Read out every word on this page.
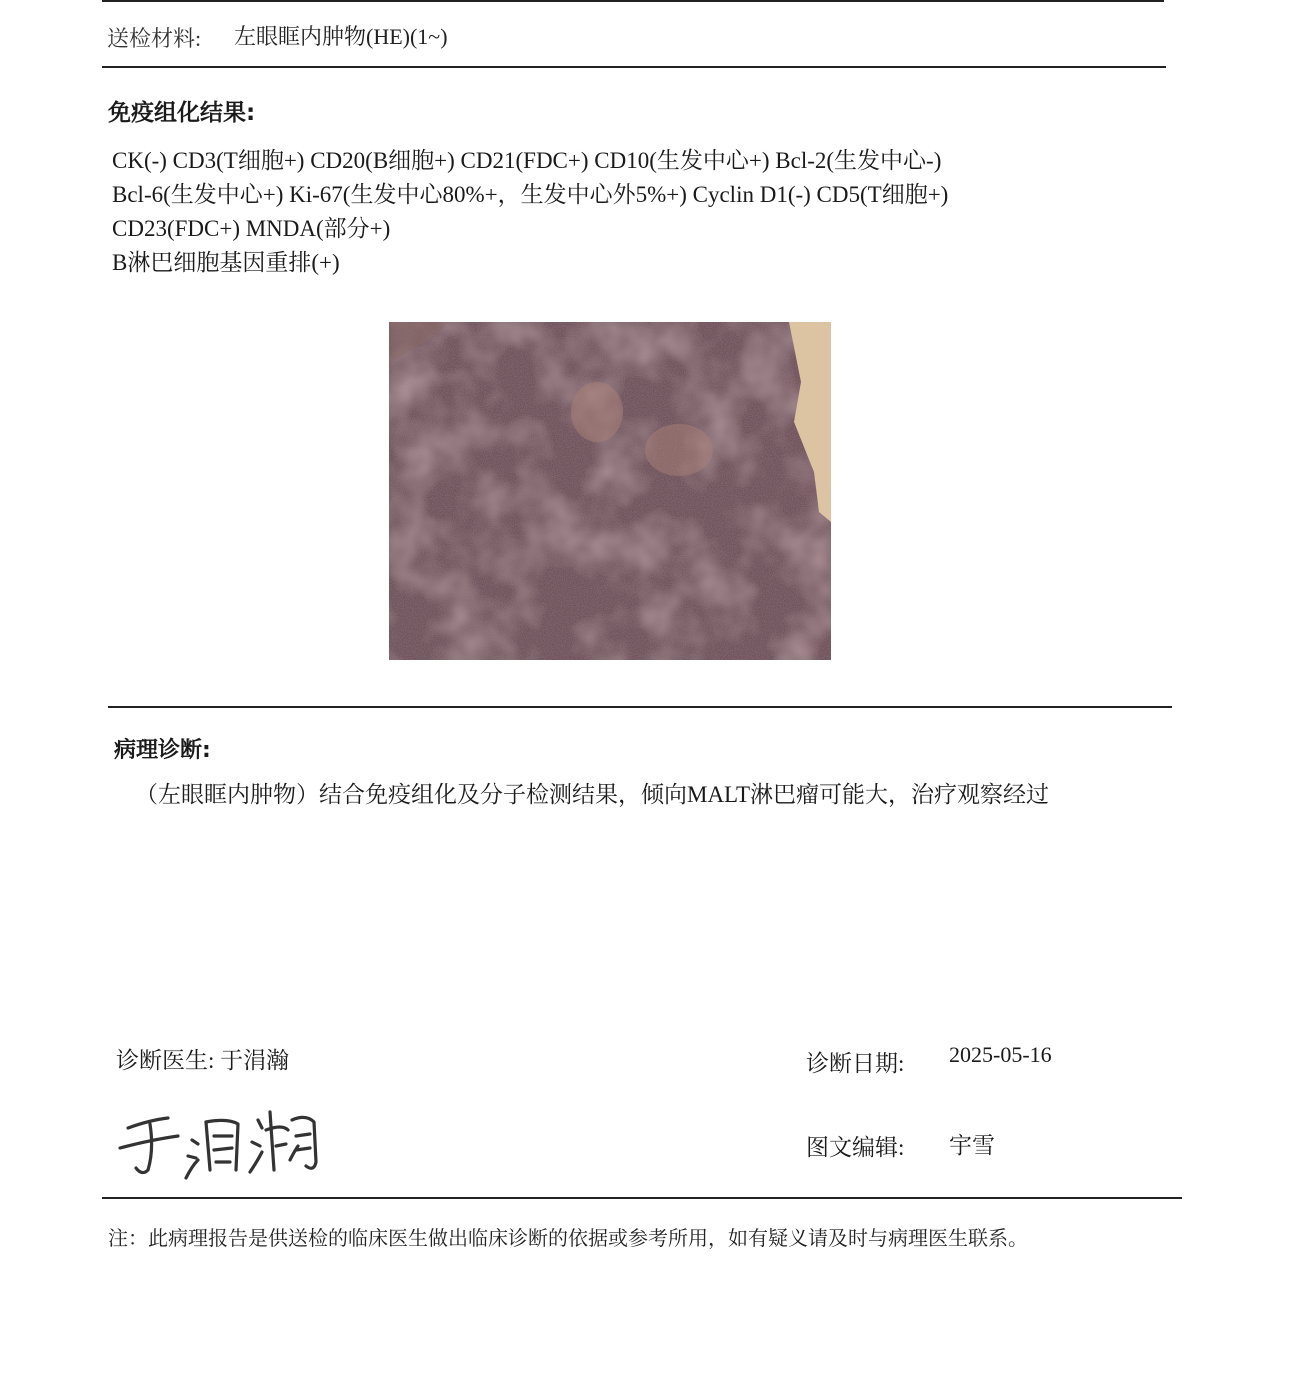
送检材料: 左眼眶内肿物(HE)(1~)
免疫组化结果:
CK(-) CD3(T细胞+) CD20(B细胞+) CD21(FDC+) CD10(生发中心+) Bcl-2(生发中心-)
Bcl-6(生发中心+) Ki-67(生发中心80%+，生发中心外5%+) Cyclin D1(-) CD5(T细胞+)
CD23(FDC+) MNDA(部分+)
B淋巴细胞基因重排(+)
病理诊断:
（左眼眶内肿物）结合免疫组化及分子检测结果，倾向MALT淋巴瘤可能大，治疗观察经过
诊断医生: 于涓瀚	诊断日期: 2025-05-16
图文编辑: 宇雪
注：此病理报告是供送检的临床医生做出临床诊断的依据或参考所用，如有疑义请及时与病理医生联系。
